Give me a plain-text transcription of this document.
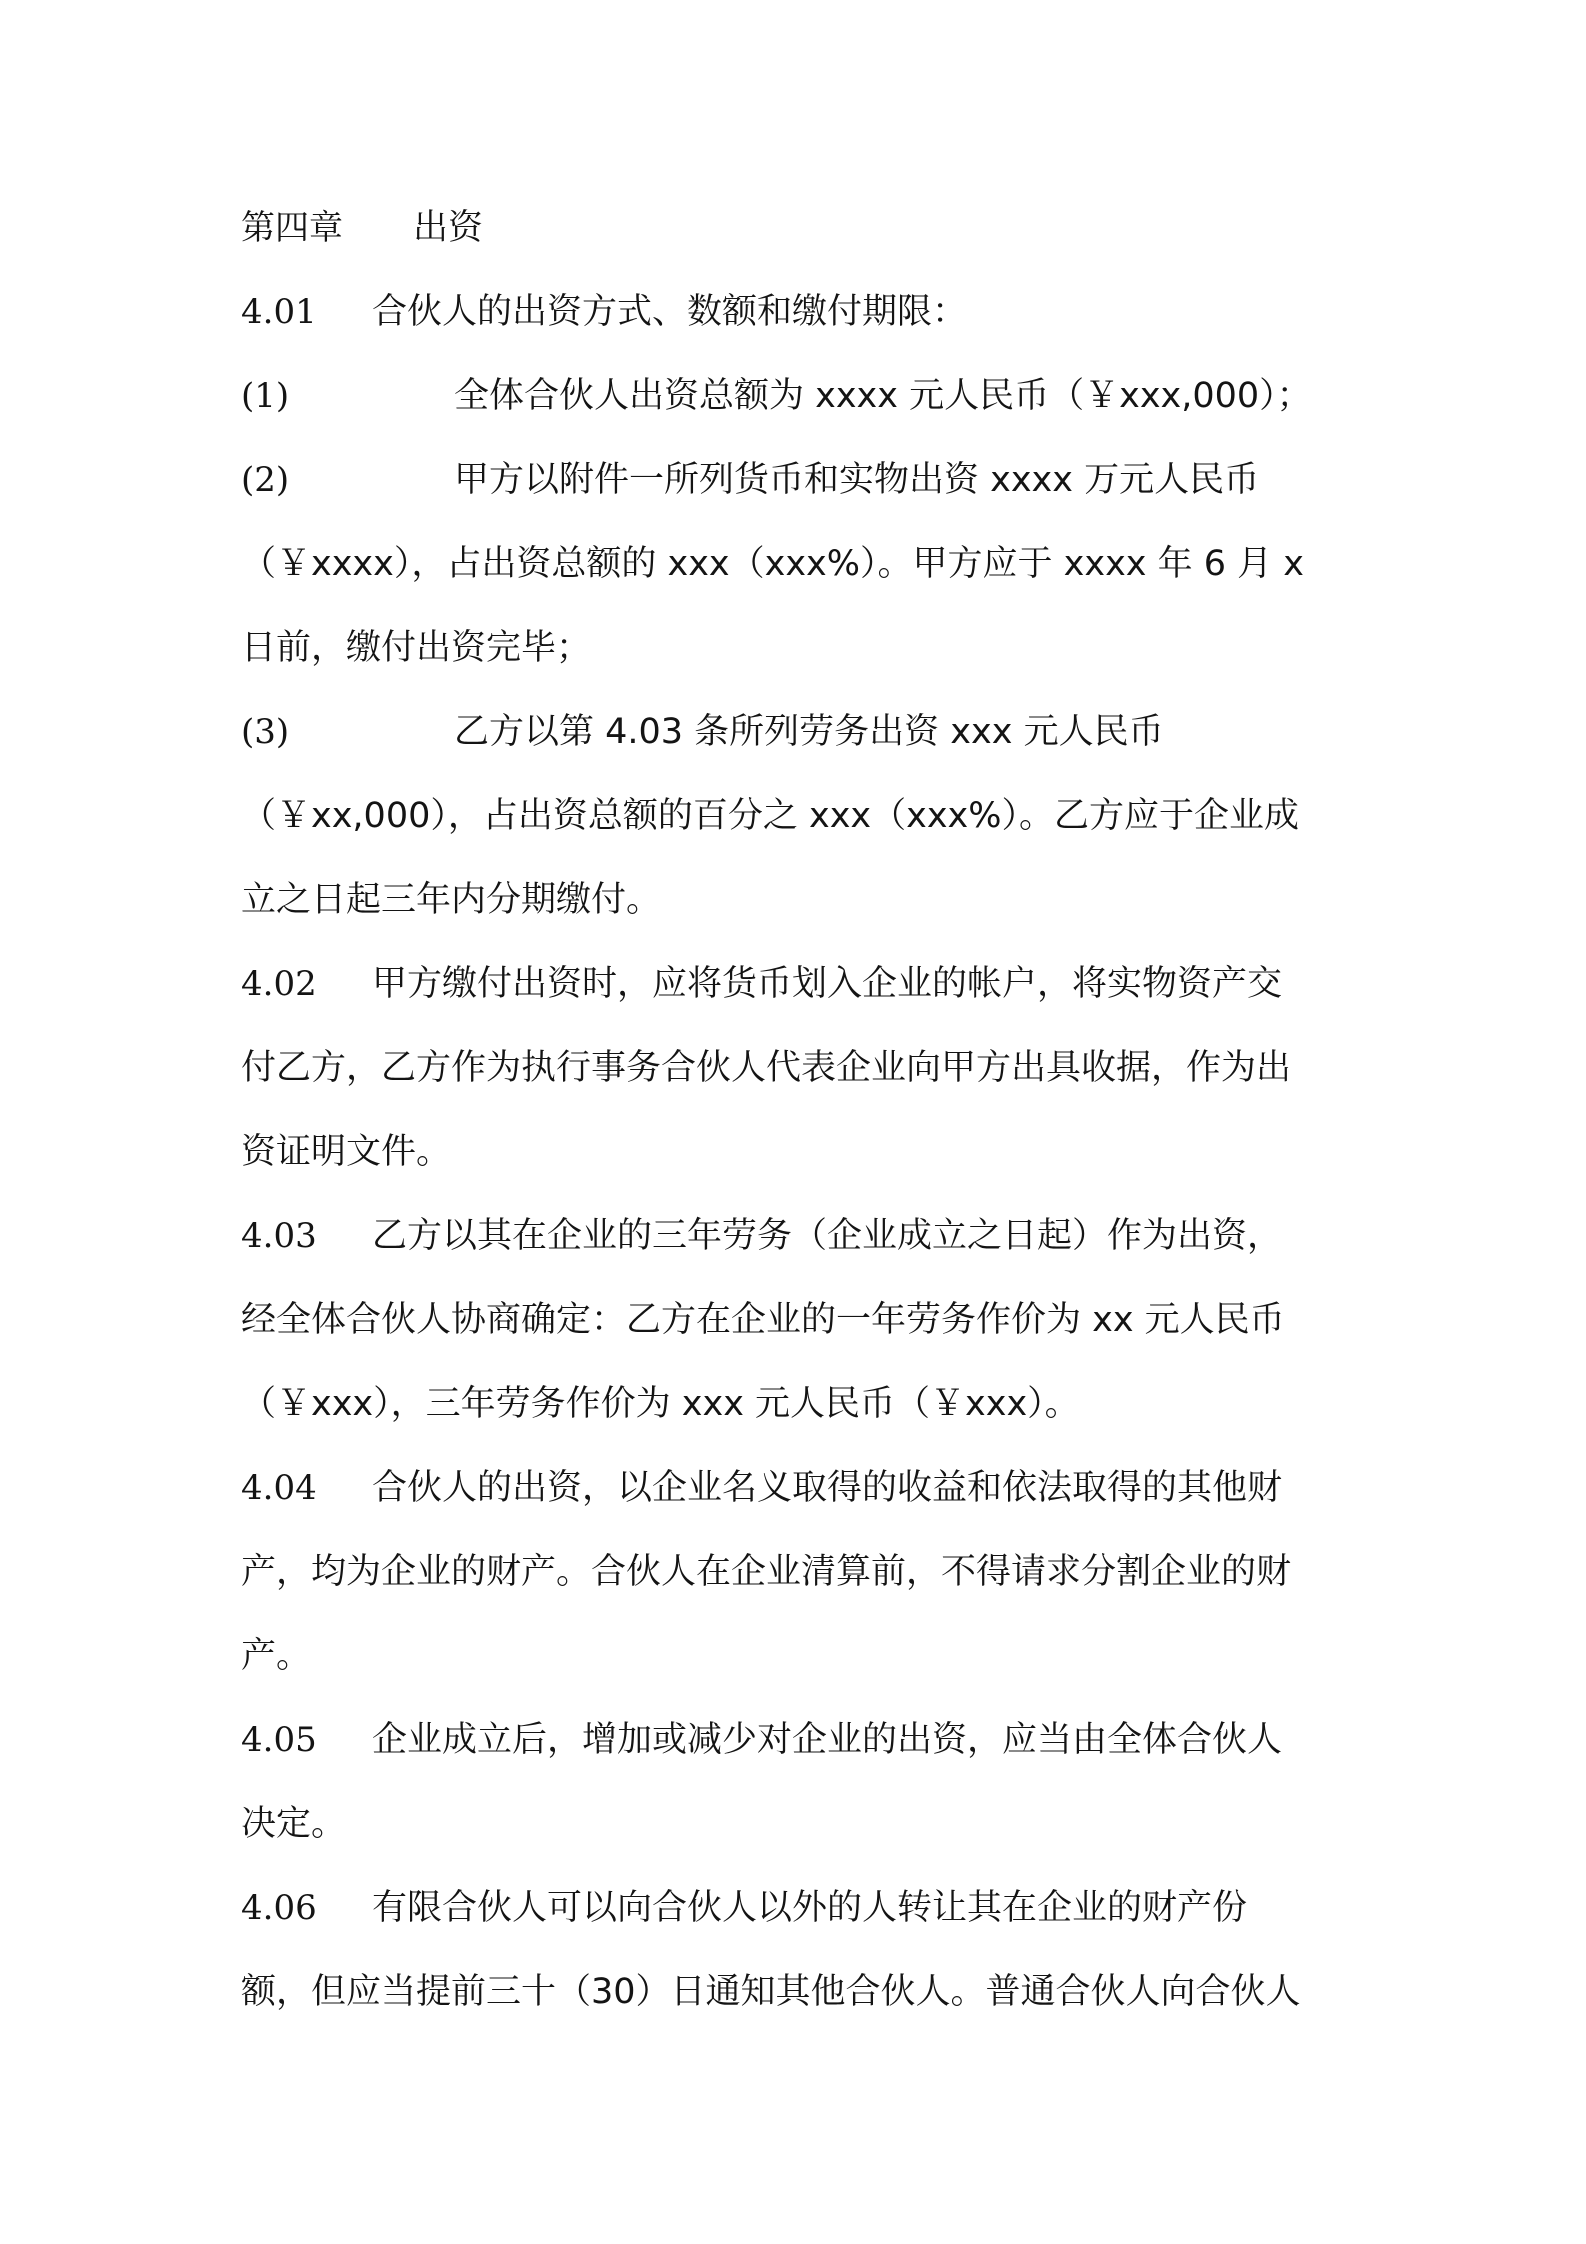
第四章 出资
4.01 合伙人的出资方式、数额和缴付期限：
(1)	全体合伙人出资总额为 xxxx 元人民币（￥xxx,000）；
(2)	甲方以附件一所列货币和实物出资 xxxx 万元人民币
（￥xxxx），占出资总额的 xxx（xxx%）。甲方应于 xxxx 年 6 月 x
日前，缴付出资完毕；
(3)	乙方以第 4.03 条所列劳务出资 xxx 元人民币
（￥xx,000），占出资总额的百分之 xxx（xxx%）。乙方应于企业成
立之日起三年内分期缴付。
4.02 甲方缴付出资时，应将货币划入企业的帐户，将实物资产交
付乙方，乙方作为执行事务合伙人代表企业向甲方出具收据，作为出
资证明文件。
4.03 乙方以其在企业的三年劳务（企业成立之日起）作为出资，
经全体合伙人协商确定：乙方在企业的一年劳务作价为 xx 元人民币
（￥xxx），三年劳务作价为 xxx 元人民币（￥xxx）。
4.04 合伙人的出资，以企业名义取得的收益和依法取得的其他财
产，均为企业的财产。合伙人在企业清算前，不得请求分割企业的财
产。
4.05 企业成立后，增加或减少对企业的出资，应当由全体合伙人
决定。
4.06 有限合伙人可以向合伙人以外的人转让其在企业的财产份
额，但应当提前三十（30）日通知其他合伙人。普通合伙人向合伙人
